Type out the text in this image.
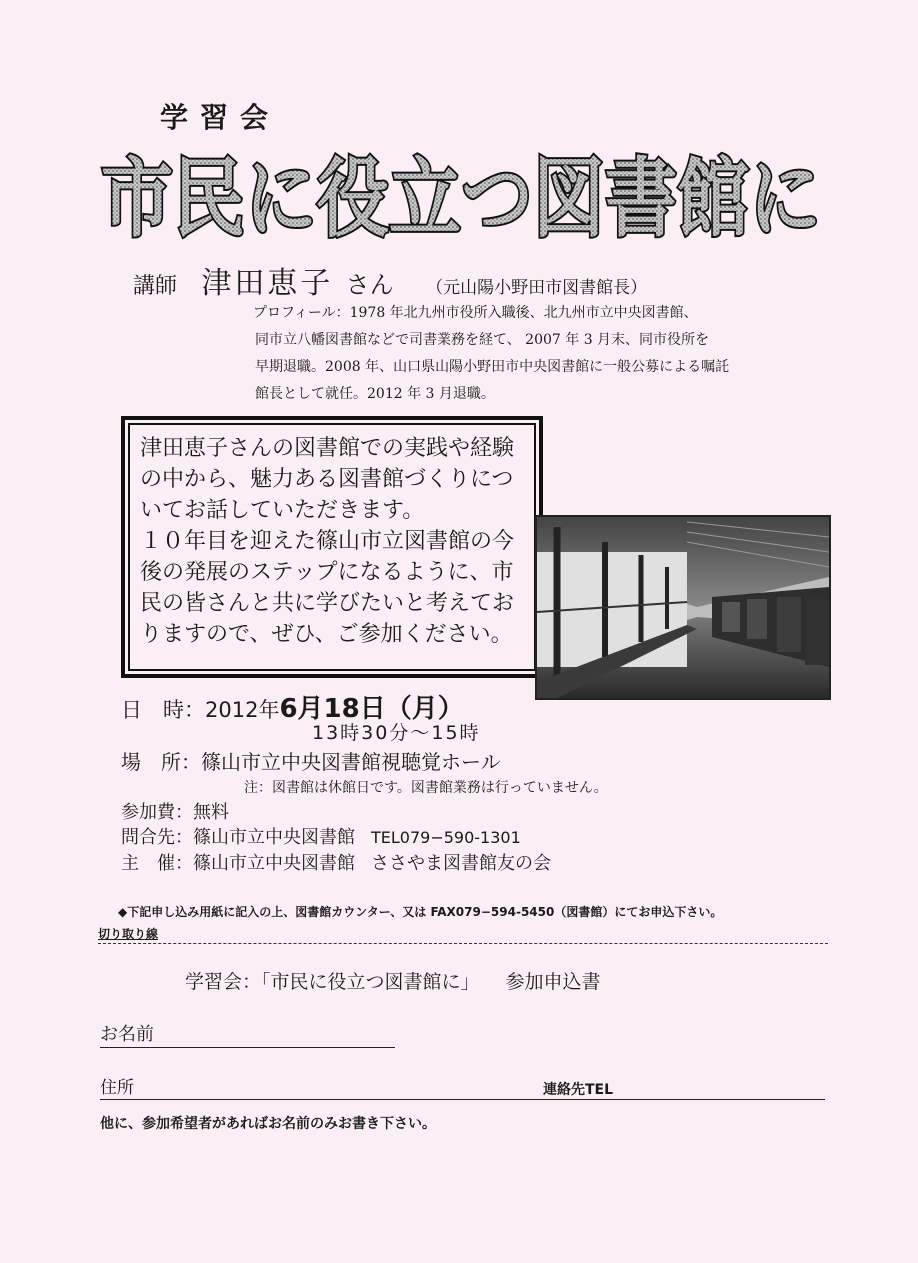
学習会
市民に役立つ図書館に
講師 津田恵子 さん （元山陽小野田市図書館長）

プロフィール：1978 年北九州市役所入職後、北九州市立中央図書館、

同市立八幡図書館などで司書業務を経て、 2007 年 3 月末、同市役所を

早期退職。2008 年、山口県山陽小野田市中央図書館に一般公募による嘱託

館長として就任。2012 年 3 月退職。

津田恵子さんの図書館での実践や経験の中から、魅力ある図書館づくりについてお話していただきます。

１０年目を迎えた篠山市立図書館の今後の発展のステップになるように、市民の皆さんと共に学びたいと考えておりますので、ぜひ、ご参加ください。

日　時：2012年6月18日（月）
13時30分～15時
場　所：篠山市立中央図書館視聴覚ホール
注：図書館は休館日です。図書館業務は行っていません。
参加費：無料
問合先：篠山市立中央図書館 TEL079−590-1301
主　催：篠山市立中央図書館 ささやま図書館友の会
◆下記申し込み用紙に記入の上、図書館カウンター、又は FAX079−594-5450（図書館）にてお申込下さい。
切り取り線
学習会：「市民に役立つ図書館に」 参加申込書
お名前
住所	連絡先TEL
他に、参加希望者があればお名前のみお書き下さい。
